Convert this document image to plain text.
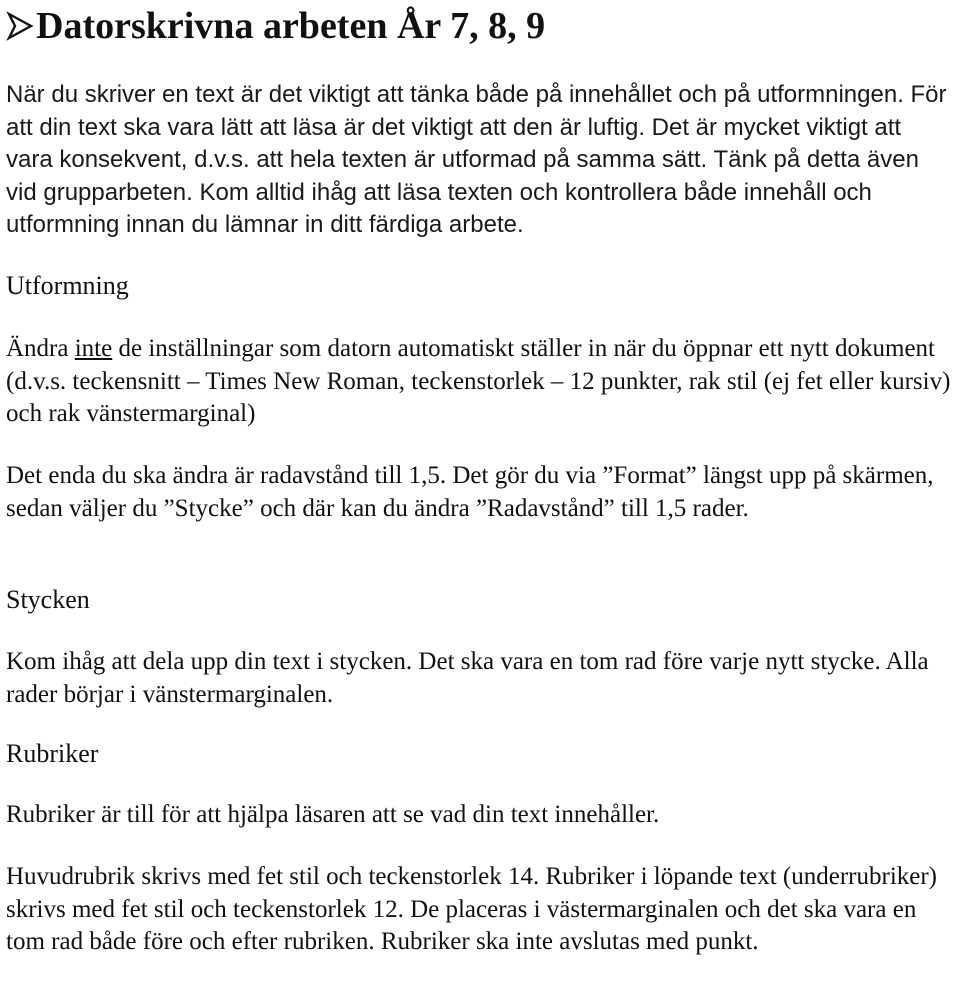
Datorskrivna arbeten År 7, 8, 9

När du skriver en text är det viktigt att tänka både på innehållet och på utformningen. För att din text ska vara lätt att läsa är det viktigt att den är luftig. Det är mycket viktigt att vara konsekvent, d.v.s. att hela texten är utformad på samma sätt. Tänk på detta även vid grupparbeten. Kom alltid ihåg att läsa texten och kontrollera både innehåll och utformning innan du lämnar in ditt färdiga arbete.

Utformning

Ändra inte de inställningar som datorn automatiskt ställer in när du öppnar ett nytt dokument (d.v.s. teckensnitt – Times New Roman, teckenstorlek – 12 punkter, rak stil (ej fet eller kursiv) och rak vänstermarginal)

Det enda du ska ändra är radavstånd till 1,5. Det gör du via ”Format” längst upp på skärmen, sedan väljer du ”Stycke” och där kan du ändra ”Radavstånd” till 1,5 rader.

Stycken

Kom ihåg att dela upp din text i stycken. Det ska vara en tom rad före varje nytt stycke. Alla rader börjar i vänstermarginalen.

Rubriker

Rubriker är till för att hjälpa läsaren att se vad din text innehåller.

Huvudrubrik skrivs med fet stil och teckenstorlek 14. Rubriker i löpande text (underrubriker) skrivs med fet stil och teckenstorlek 12. De placeras i västermarginalen och det ska vara en tom rad både före och efter rubriken. Rubriker ska inte avslutas med punkt.
